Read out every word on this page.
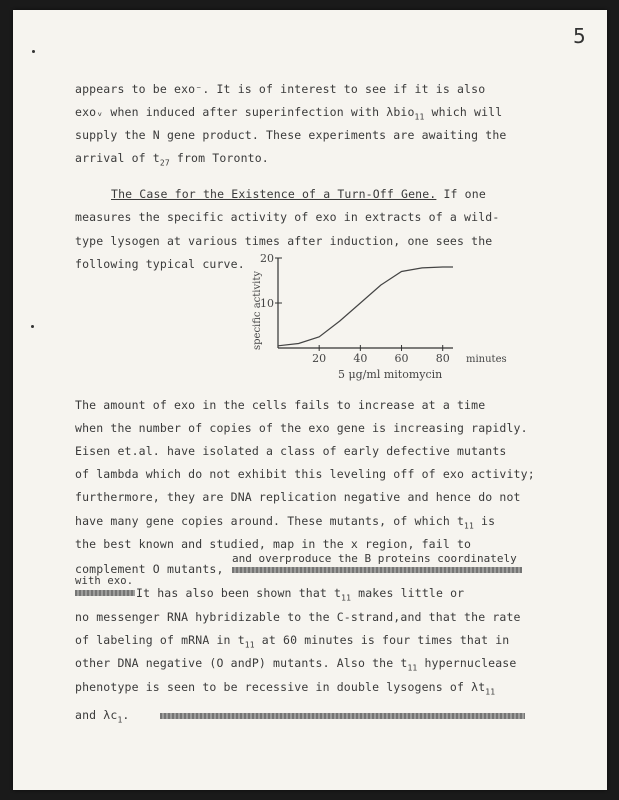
5
appears to be exo⁻. It is of interest to see if it is also
exoᵥ when induced after superinfection with λbio$_{11}$ which will
supply the N gene product. These experiments are awaiting the
arrival of $t_{27}$ from Toronto.
The Case for the Existence of a Turn-Off Gene. If one
measures the specific activity of exo in extracts of a wild-
type lysogen at various times after induction, one sees the
following typical curve.
20 40 60 80
10
20
specific activity
5 μg/ml mitomycin
minutes
The amount of exo in the cells fails to increase at a time
when the number of copies of the exo gene is increasing rapidly.
Eisen et.al. have isolated a class of early defective mutants
of lambda which do not exhibit this leveling off of exo activity;
furthermore, they are DNA replication negative and hence do not
have many gene copies around. These mutants, of which $t_{11}$ is
the best known and studied, map in the x region, fail to
and overproduce the B proteins coordinately
complement O mutants,
with exo.
It has also been shown that $t_{11}$ makes little or
no messenger RNA hybridizable to the C-strand,and that the rate
of labeling of mRNA in $t_{11}$ at 60 minutes is four times that in
other DNA negative (O andP) mutants. Also the $t_{11}$ hypernuclease
phenotype is seen to be recessive in double lysogens of $\lambda t_{11}$
and $\lambda c_1$.
